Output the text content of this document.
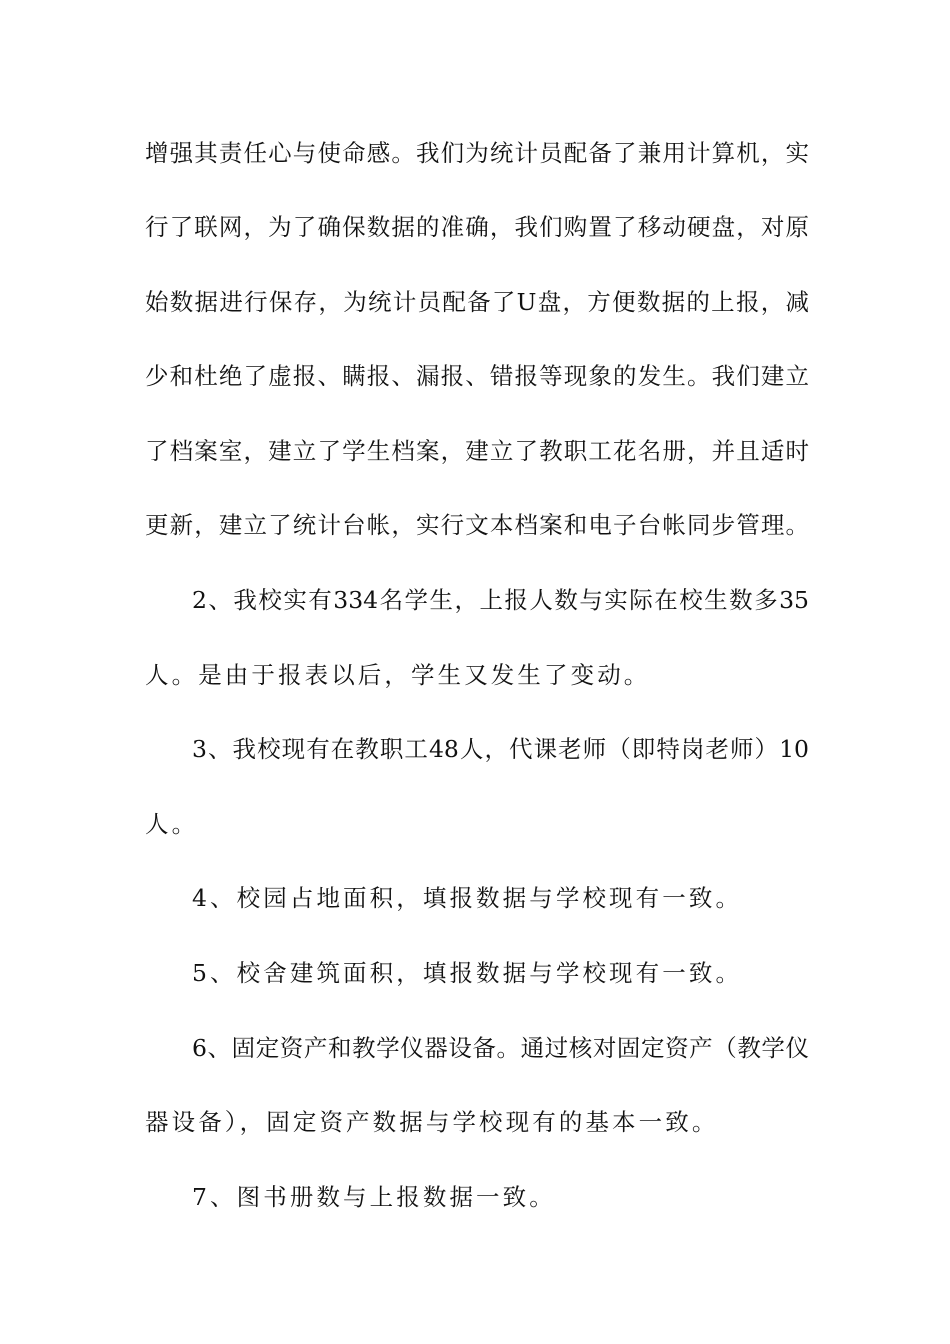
增强其责任心与使命感。我们为统计员配备了兼用计算机，实
行了联网，为了确保数据的准确，我们购置了移动硬盘，对原
始数据进行保存，为统计员配备了U盘，方便数据的上报，减
少和杜绝了虚报、瞒报、漏报、错报等现象的发生。我们建立
了档案室，建立了学生档案，建立了教职工花名册，并且适时
更新，建立了统计台帐，实行文本档案和电子台帐同步管理。
2、我校实有334名学生，上报人数与实际在校生数多35
人。是由于报表以后，学生又发生了变动。
3、我校现有在教职工48人，代课老师（即特岗老师）10
人。
4、校园占地面积，填报数据与学校现有一致。
5、校舍建筑面积，填报数据与学校现有一致。
6、固定资产和教学仪器设备。通过核对固定资产（教学仪
器设备），固定资产数据与学校现有的基本一致。
7、图书册数与上报数据一致。
